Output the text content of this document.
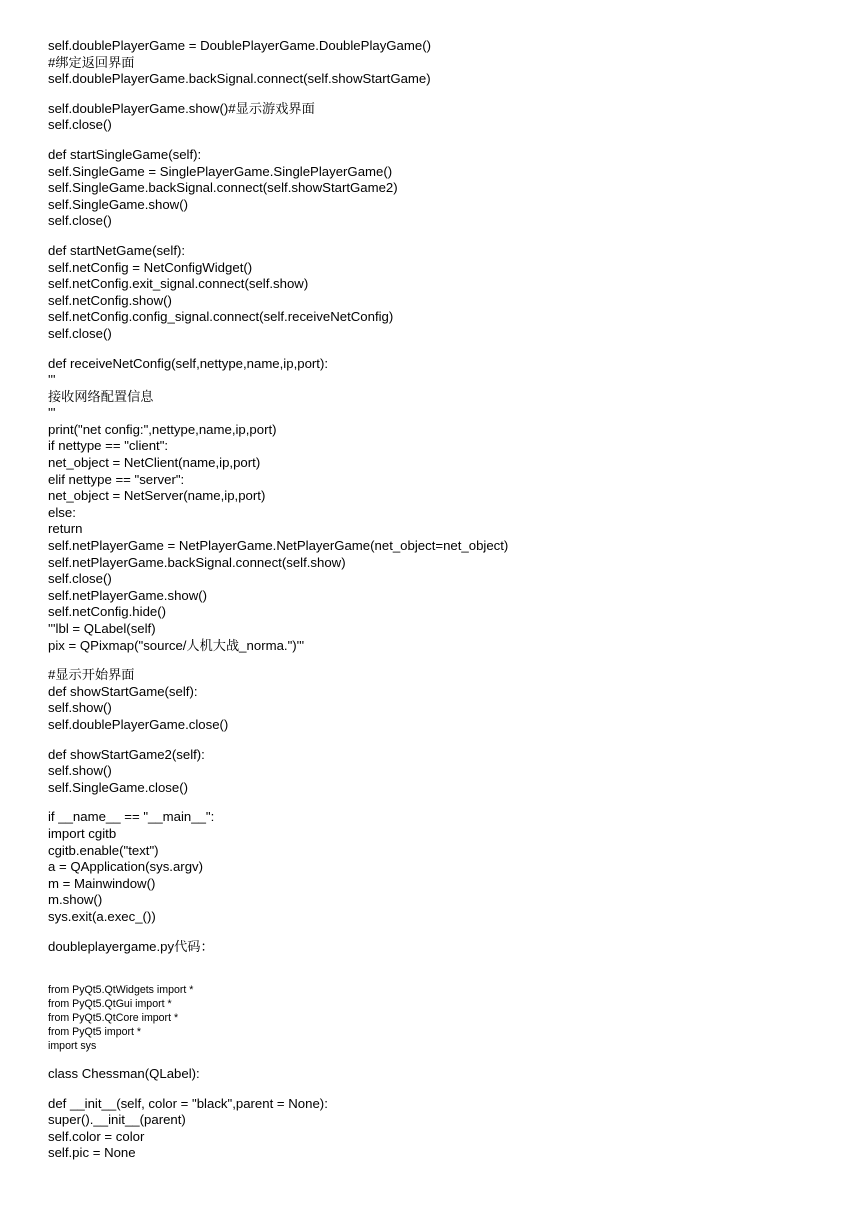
self.doublePlayerGame = DoublePlayerGame.DoublePlayGame()
#绑定返回界面
self.doublePlayerGame.backSignal.connect(self.showStartGame)
self.doublePlayerGame.show()#显示游戏界面
self.close()
def startSingleGame(self):
self.SingleGame = SinglePlayerGame.SinglePlayerGame()
self.SingleGame.backSignal.connect(self.showStartGame2)
self.SingleGame.show()
self.close()
def startNetGame(self):
self.netConfig = NetConfigWidget()
self.netConfig.exit_signal.connect(self.show)
self.netConfig.show()
self.netConfig.config_signal.connect(self.receiveNetConfig)
self.close()
def receiveNetConfig(self,nettype,name,ip,port):
'''
接收网络配置信息
'''
print("net config:",nettype,name,ip,port)
if nettype == "client":
net_object = NetClient(name,ip,port)
elif nettype == "server":
net_object = NetServer(name,ip,port)
else:
return
self.netPlayerGame = NetPlayerGame.NetPlayerGame(net_object=net_object)
self.netPlayerGame.backSignal.connect(self.show)
self.close()
self.netPlayerGame.show()
self.netConfig.hide()
'''lbl = QLabel(self)
pix = QPixmap("source/人机大战_norma.")'''
#显示开始界面
def showStartGame(self):
self.show()
self.doublePlayerGame.close()
def showStartGame2(self):
self.show()
self.SingleGame.close()
if __name__ == "__main__":
import cgitb
cgitb.enable("text")
a = QApplication(sys.argv)
m = Mainwindow()
m.show()
sys.exit(a.exec_())
doubleplayergame.py代码：
from PyQt5.QtWidgets import *
from PyQt5.QtGui import *
from PyQt5.QtCore import *
from PyQt5 import *
import sys
class Chessman(QLabel):
def __init__(self, color = "black",parent = None):
super().__init__(parent)
self.color = color
self.pic = None
